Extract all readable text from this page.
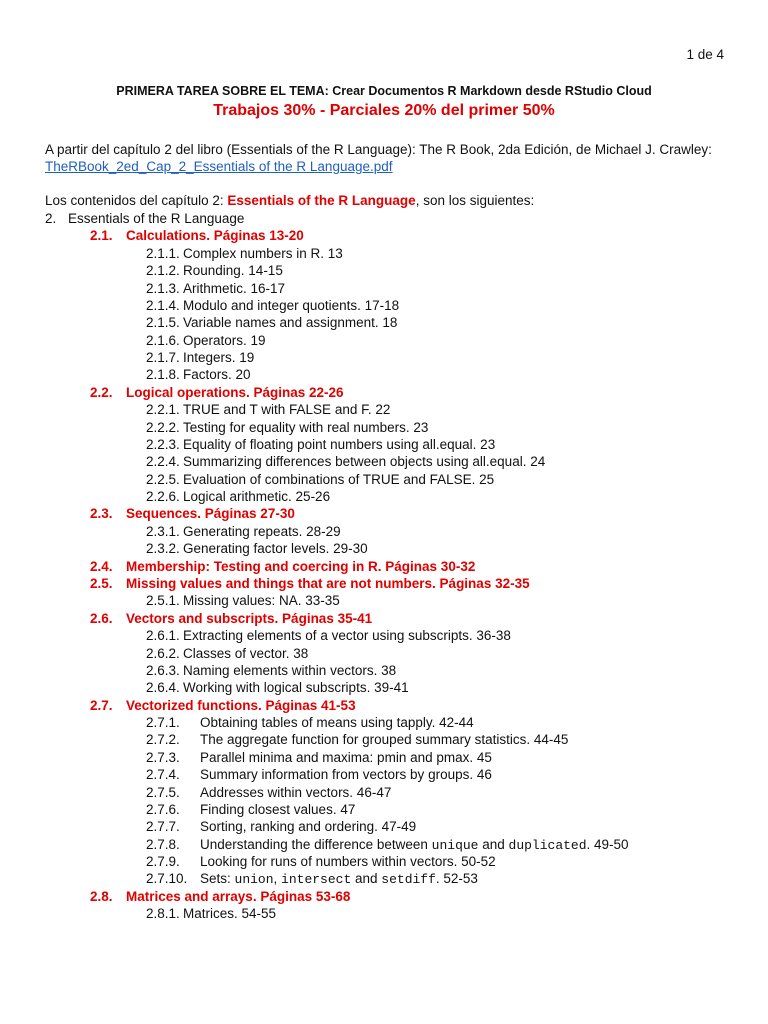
1 de 4
PRIMERA TAREA SOBRE EL TEMA: Crear Documentos R Markdown desde RStudio Cloud
Trabajos 30% - Parciales 20% del primer 50%
A partir del capítulo 2 del libro (Essentials of the R Language): The R Book, 2da Edición, de Michael J. Crawley:
TheRBook_2ed_Cap_2_Essentials of the R Language.pdf
Los contenidos del capítulo 2: Essentials of the R Language, son los siguientes:
2. Essentials of the R Language
2.1. Calculations. Páginas 13-20
2.1.1. Complex numbers in R. 13
2.1.2. Rounding. 14-15
2.1.3. Arithmetic. 16-17
2.1.4. Modulo and integer quotients. 17-18
2.1.5. Variable names and assignment. 18
2.1.6. Operators. 19
2.1.7. Integers. 19
2.1.8. Factors. 20
2.2. Logical operations. Páginas 22-26
2.2.1. TRUE and T with FALSE and F. 22
2.2.2. Testing for equality with real numbers. 23
2.2.3. Equality of floating point numbers using all.equal. 23
2.2.4. Summarizing differences between objects using all.equal. 24
2.2.5. Evaluation of combinations of TRUE and FALSE. 25
2.2.6. Logical arithmetic. 25-26
2.3. Sequences. Páginas 27-30
2.3.1. Generating repeats. 28-29
2.3.2. Generating factor levels. 29-30
2.4. Membership: Testing and coercing in R. Páginas 30-32
2.5. Missing values and things that are not numbers. Páginas 32-35
2.5.1. Missing values: NA. 33-35
2.6. Vectors and subscripts. Páginas 35-41
2.6.1. Extracting elements of a vector using subscripts. 36-38
2.6.2. Classes of vector. 38
2.6.3. Naming elements within vectors. 38
2.6.4. Working with logical subscripts. 39-41
2.7. Vectorized functions. Páginas 41-53
2.7.1. Obtaining tables of means using tapply. 42-44
2.7.2. The aggregate function for grouped summary statistics. 44-45
2.7.3. Parallel minima and maxima: pmin and pmax. 45
2.7.4. Summary information from vectors by groups. 46
2.7.5. Addresses within vectors. 46-47
2.7.6. Finding closest values. 47
2.7.7. Sorting, ranking and ordering. 47-49
2.7.8. Understanding the difference between unique and duplicated. 49-50
2.7.9. Looking for runs of numbers within vectors. 50-52
2.7.10. Sets: union, intersect and setdiff. 52-53
2.8. Matrices and arrays. Páginas 53-68
2.8.1. Matrices. 54-55
